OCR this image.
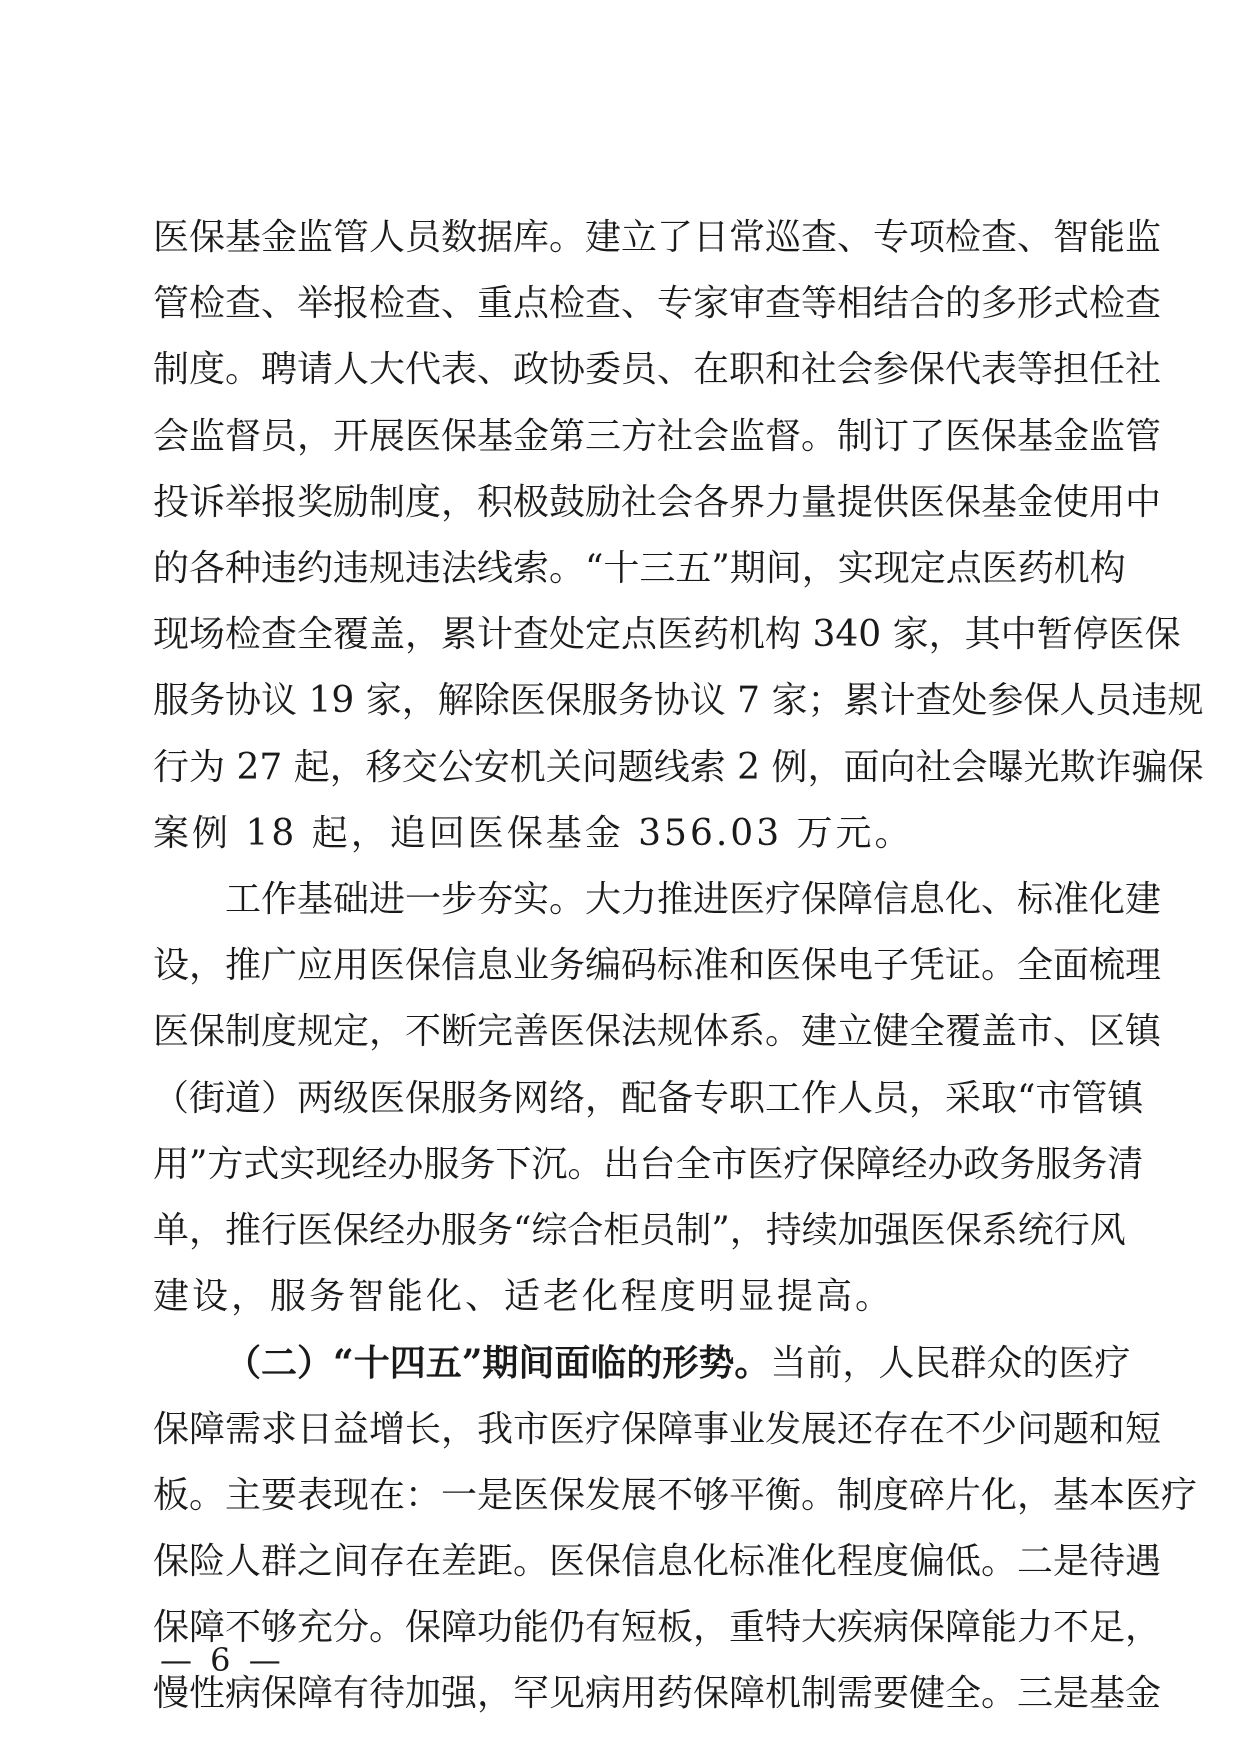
医保基金监管人员数据库。建立了日常巡查、专项检查、智能监
管检查、举报检查、重点检查、专家审查等相结合的多形式检查
制度。聘请人大代表、政协委员、在职和社会参保代表等担任社
会监督员，开展医保基金第三方社会监督。制订了医保基金监管
投诉举报奖励制度，积极鼓励社会各界力量提供医保基金使用中
的各种违约违规违法线索。“十三五”期间，实现定点医药机构
现场检查全覆盖，累计查处定点医药机构 340 家，其中暂停医保
服务协议 19 家，解除医保服务协议 7 家；累计查处参保人员违规
行为 27 起，移交公安机关问题线索 2 例，面向社会曝光欺诈骗保
案例 18 起，追回医保基金 356.03 万元。
工作基础进一步夯实。大力推进医疗保障信息化、标准化建
设，推广应用医保信息业务编码标准和医保电子凭证。全面梳理
医保制度规定，不断完善医保法规体系。建立健全覆盖市、区镇
（街道）两级医保服务网络，配备专职工作人员，采取“市管镇
用”方式实现经办服务下沉。出台全市医疗保障经办政务服务清
单，推行医保经办服务“综合柜员制”，持续加强医保系统行风
建设，服务智能化、适老化程度明显提高。
（二）“十四五”期间面临的形势。当前，人民群众的医疗
保障需求日益增长，我市医疗保障事业发展还存在不少问题和短
板。主要表现在：一是医保发展不够平衡。制度碎片化，基本医疗
保险人群之间存在差距。医保信息化标准化程度偏低。二是待遇
保障不够充分。保障功能仍有短板，重特大疾病保障能力不足，
慢性病保障有待加强，罕见病用药保障机制需要健全。三是基金
— 6 —
